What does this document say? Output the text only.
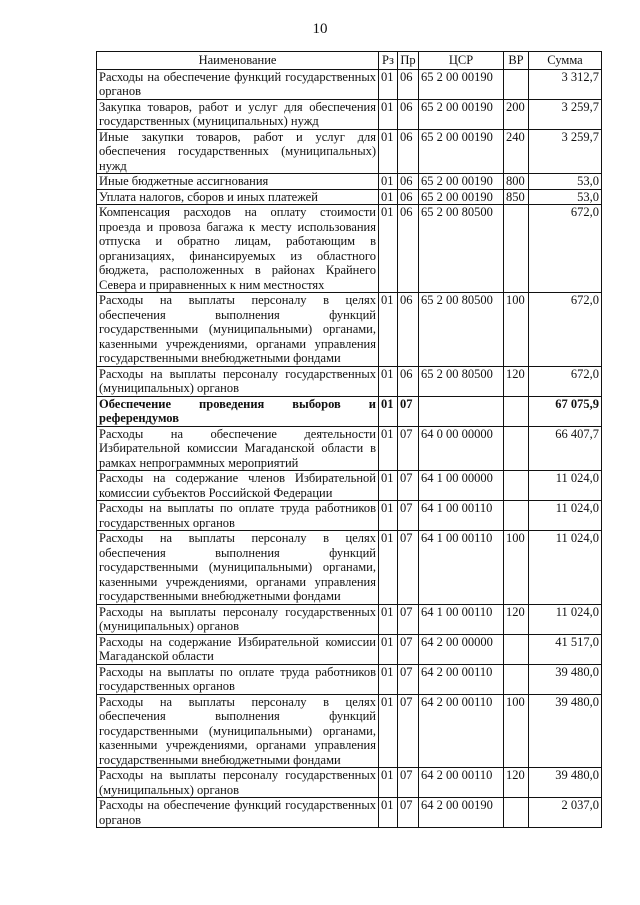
10
Наименование	Рз	Пр	ЦСР	ВР	Сумма
Расходы на обеспечение функций государственных органов	01	06	65 2 00 00190		3 312,7
Закупка товаров, работ и услуг для обеспечения государственных (муниципальных) нужд	01	06	65 2 00 00190	200	3 259,7
Иные закупки товаров, работ и услуг для обеспечения государственных (муниципальных) нужд	01	06	65 2 00 00190	240	3 259,7
Иные бюджетные ассигнования	01	06	65 2 00 00190	800	53,0
Уплата налогов, сборов и иных платежей	01	06	65 2 00 00190	850	53,0
Компенсация расходов на оплату стоимости проезда и провоза багажа к месту использования отпуска и обратно лицам, работающим в организациях, финансируемых из областного бюджета, расположенных в районах Крайнего Севера и приравненных к ним местностях	01	06	65 2 00 80500		672,0
Расходы на выплаты персоналу в целях обеспечения выполнения функций государственными (муниципальными) органами, казенными учреждениями, органами управления государственными внебюджетными фондами	01	06	65 2 00 80500	100	672,0
Расходы на выплаты персоналу государственных (муниципальных) органов	01	06	65 2 00 80500	120	672,0
Обеспечение проведения выборов и референдумов	01	07			67 075,9
Расходы на обеспечение деятельности Избирательной комиссии Магаданской области в рамках непрограммных мероприятий	01	07	64 0 00 00000		66 407,7
Расходы на содержание членов Избирательной комиссии субъектов Российской Федерации	01	07	64 1 00 00000		11 024,0
Расходы на выплаты по оплате труда работников государственных органов	01	07	64 1 00 00110		11 024,0
Расходы на выплаты персоналу в целях обеспечения выполнения функций государственными (муниципальными) органами, казенными учреждениями, органами управления государственными внебюджетными фондами	01	07	64 1 00 00110	100	11 024,0
Расходы на выплаты персоналу государственных (муниципальных) органов	01	07	64 1 00 00110	120	11 024,0
Расходы на содержание Избирательной комиссии Магаданской области	01	07	64 2 00 00000		41 517,0
Расходы на выплаты по оплате труда работников государственных органов	01	07	64 2 00 00110		39 480,0
Расходы на выплаты персоналу в целях обеспечения выполнения функций государственными (муниципальными) органами, казенными учреждениями, органами управления государственными внебюджетными фондами	01	07	64 2 00 00110	100	39 480,0
Расходы на выплаты персоналу государственных (муниципальных) органов	01	07	64 2 00 00110	120	39 480,0
Расходы на обеспечение функций государственных органов	01	07	64 2 00 00190		2 037,0
